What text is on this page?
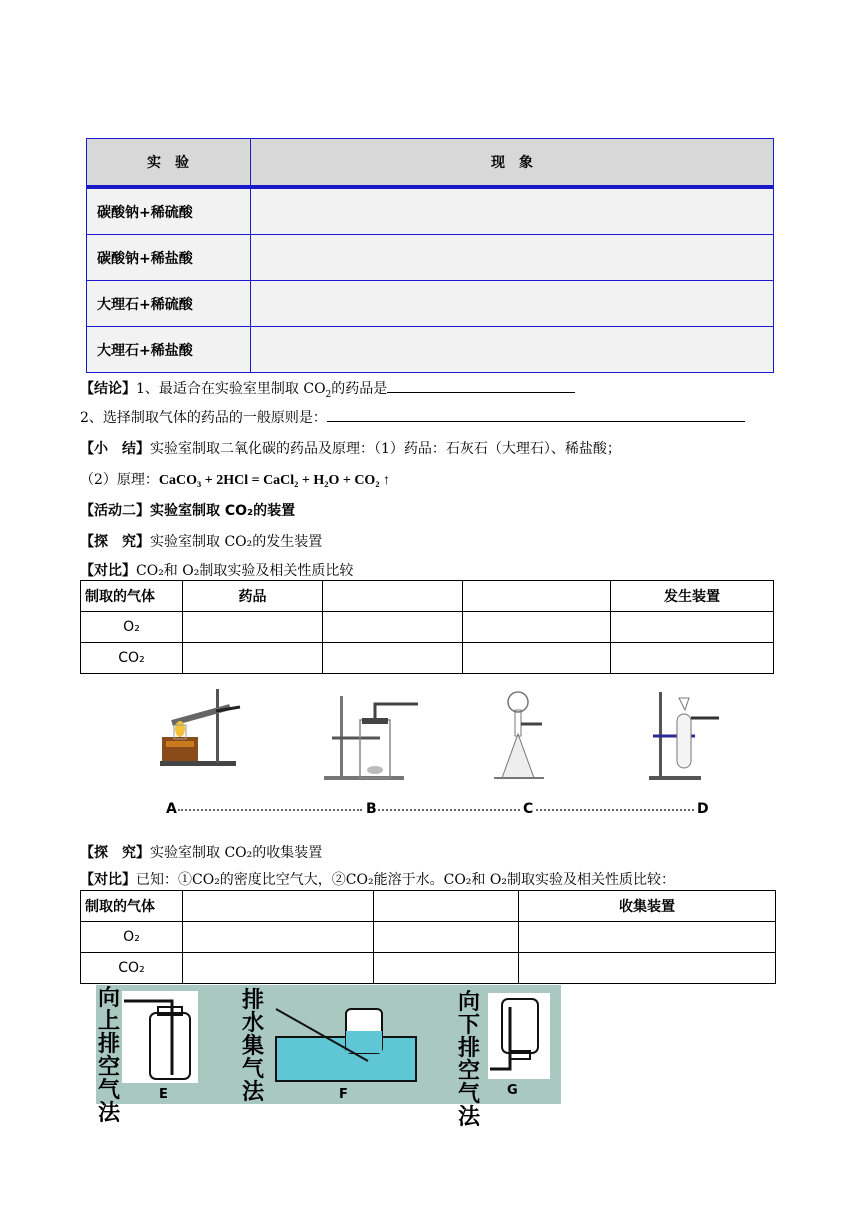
实　验	现　象
碳酸钠+稀硫酸	
碳酸钠+稀盐酸	
大理石+稀硫酸	
大理石+稀盐酸	
【结论】1、最适合在实验室里制取 $CO_2$的药品是
2、选择制取气体的药品的一般原则是：
【小　结】实验室制取二氧化碳的药品及原理：（1）药品：石灰石（大理石）、稀盐酸；
（2）原理：CaCO₃ + 2HCl = CaCl₂ + H₂O + CO₂ ↑
【活动二】实验室制取 CO₂的装置
【探　究】实验室制取 CO₂的发生装置
【对比】CO₂和 O₂制取实验及相关性质比较
制取的气体	药品			发生装置
O₂				
CO₂				
A	B	C	D
【探　究】实验室制取 CO₂的收集装置
【对比】已知：①CO₂的密度比空气大，②CO₂能溶于水。CO₂和 O₂制取实验及相关性质比较：
制取的气体			收集装置
O₂			
CO₂			
向上排空气法
E
排水集气法	F
向下排空气法
G
